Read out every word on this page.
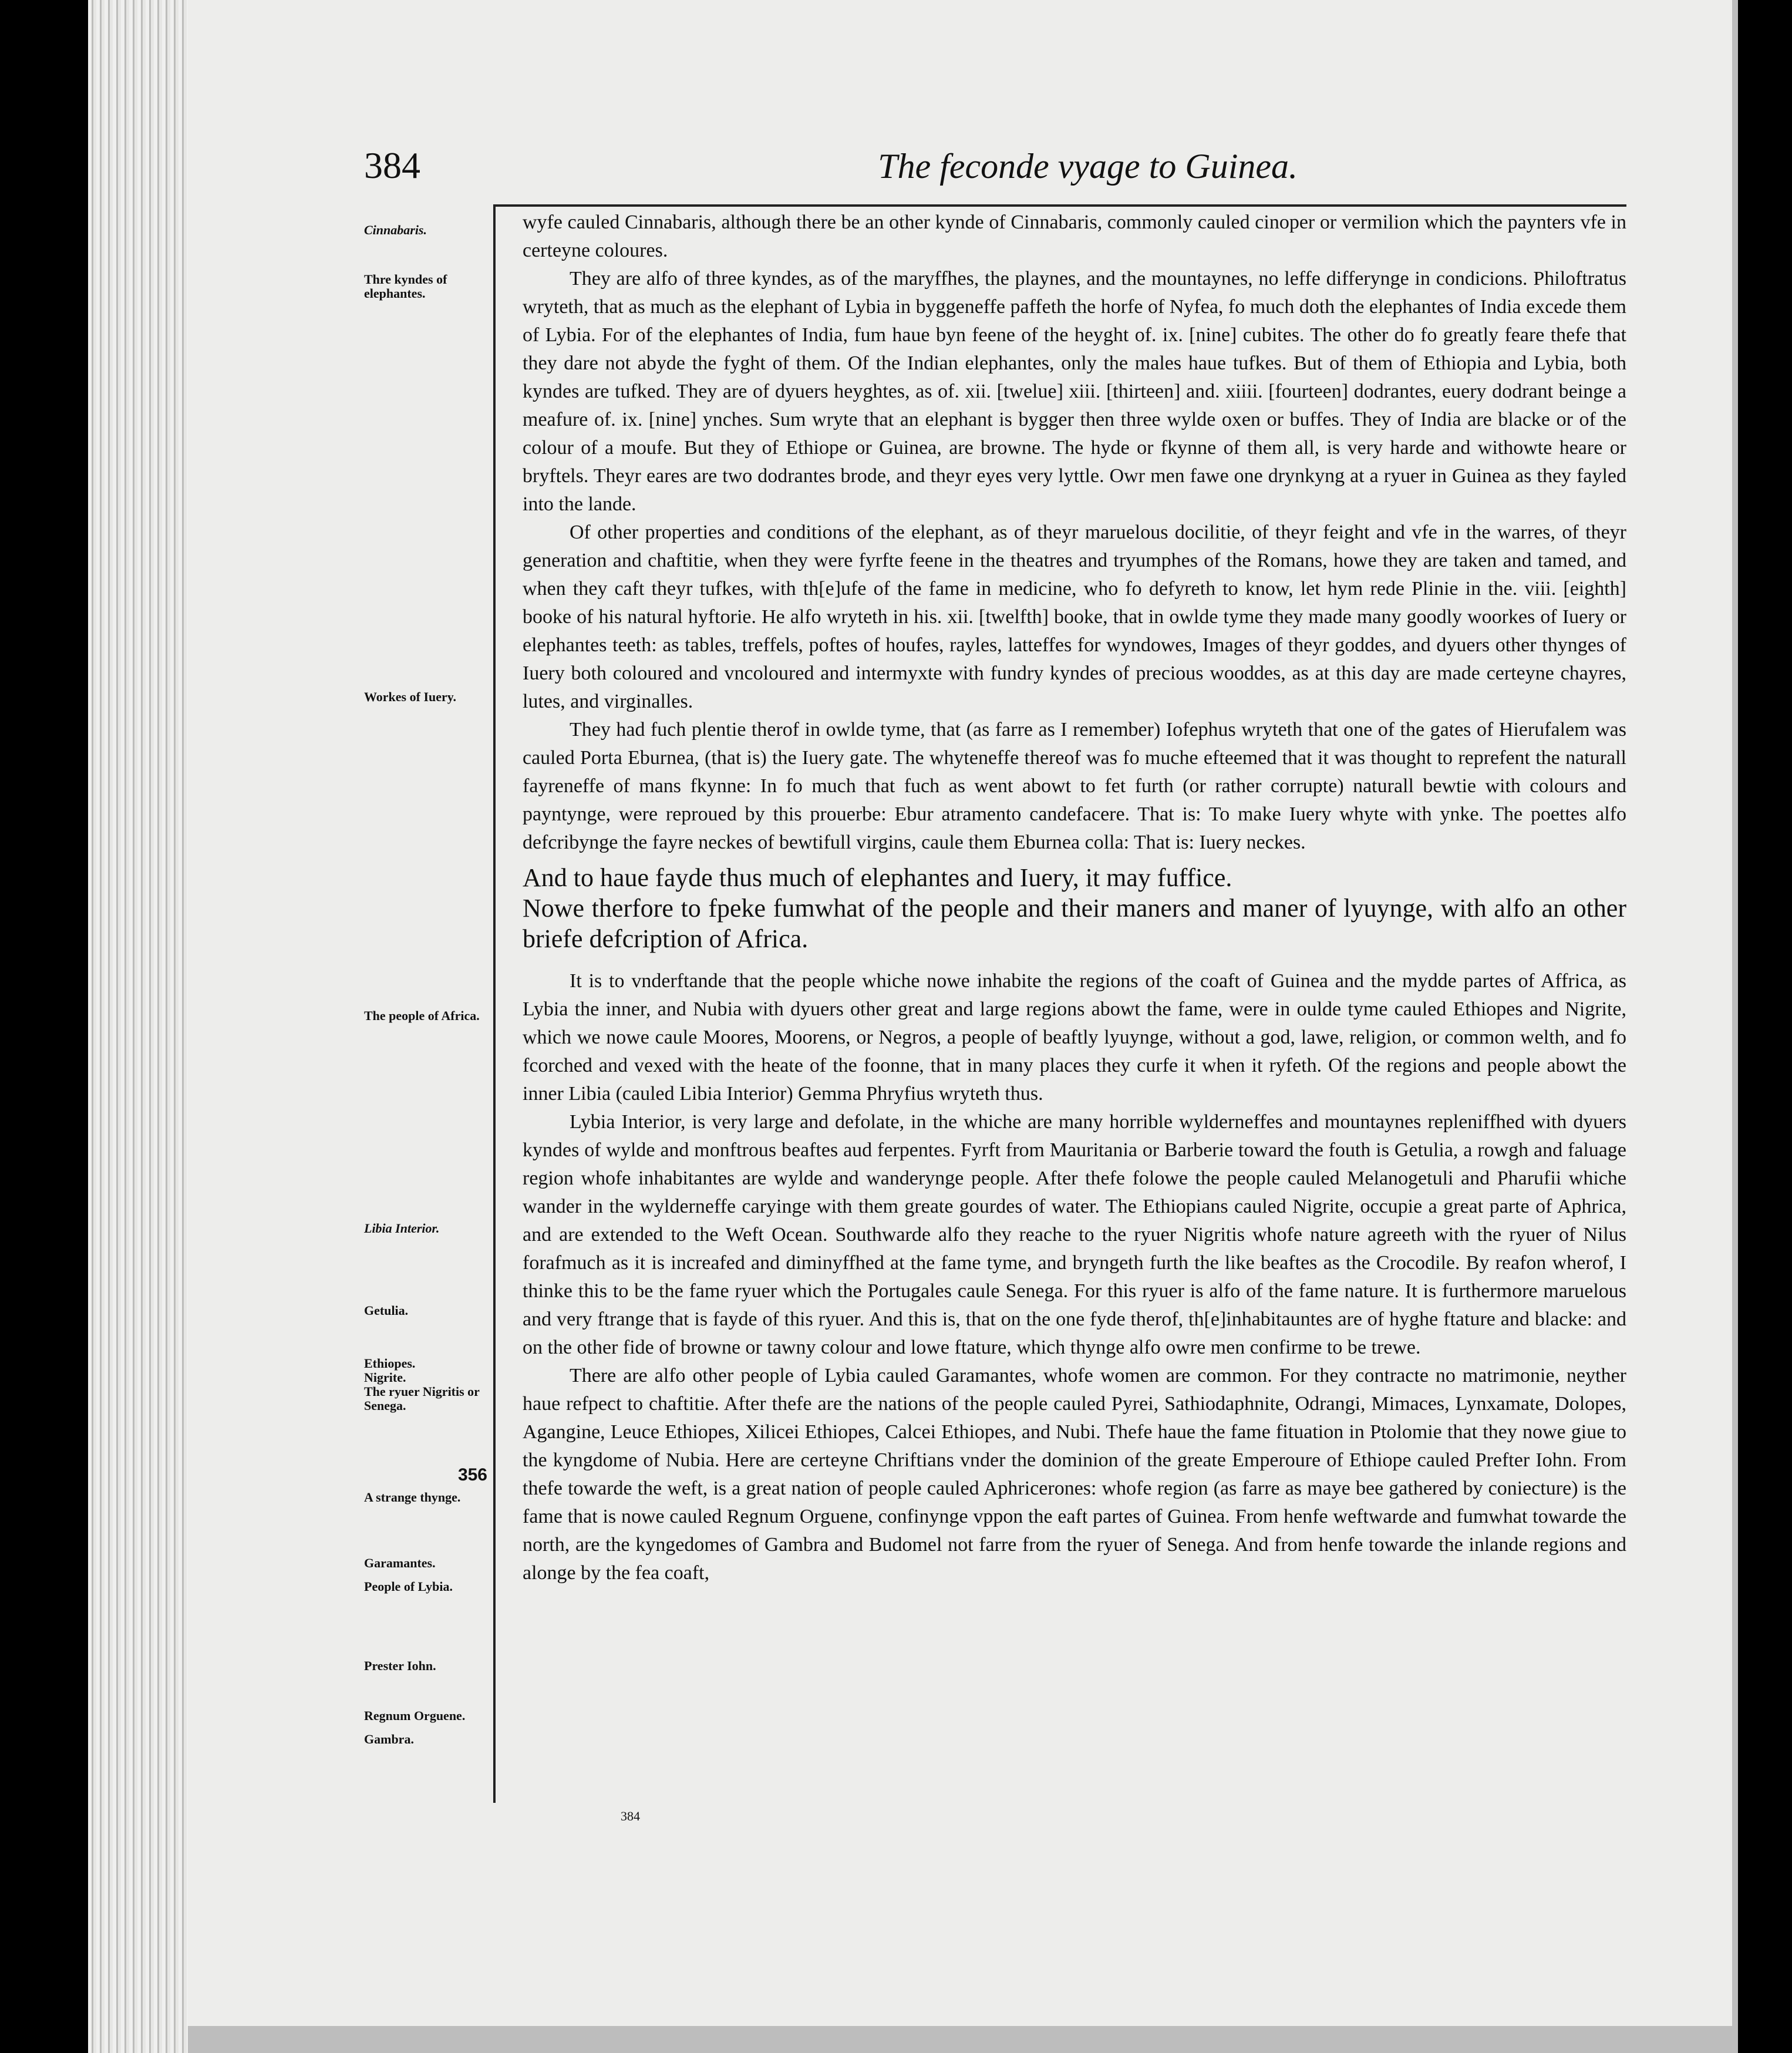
384	The feconde vyage to Guinea.
Cinnabaris.
Thre kyndes of elephantes.
Workes of Iuery.
The people of Africa.
Libia Interior.
Getulia.
Ethiopes.
Nigrite.
The ryuer Nigritis or Senega.
356
A strange thynge.
Garamantes.
People of Lybia.
Prester Iohn.
Regnum Orguene.
Gambra.

wyfe cauled Cinnabaris, although there be an other kynde of Cinnabaris, commonly cauled cinoper or vermilion which the paynters vfe in certeyne coloures.

They are alfo of three kyndes, as of the maryffhes, the playnes, and the mountaynes, no leffe differynge in condicions. Philoftratus wryteth, that as much as the elephant of Lybia in byggeneffe paffeth the horfe of Nyfea, fo much doth the elephantes of India excede them of Lybia. For of the elephantes of India, fum haue byn feene of the heyght of. ix. [nine] cubites. The other do fo greatly feare thefe that they dare not abyde the fyght of them. Of the Indian elephantes, only the males haue tufkes. But of them of Ethiopia and Lybia, both kyndes are tufked. They are of dyuers heyghtes, as of. xii. [twelue] xiii. [thirteen] and. xiiii. [fourteen] dodrantes, euery dodrant beinge a meafure of. ix. [nine] ynches. Sum wryte that an elephant is bygger then three wylde oxen or buffes. They of India are blacke or of the colour of a moufe. But they of Ethiope or Guinea, are browne. The hyde or fkynne of them all, is very harde and withowte heare or bryftels. Theyr eares are two dodrantes brode, and theyr eyes very lyttle. Owr men fawe one drynkyng at a ryuer in Guinea as they fayled into the lande.

Of other properties and conditions of the elephant, as of theyr maruelous docilitie, of theyr feight and vfe in the warres, of theyr generation and chaftitie, when they were fyrfte feene in the theatres and tryumphes of the Romans, howe they are taken and tamed, and when they caft theyr tufkes, with th[e]ufe of the fame in medicine, who fo defyreth to know, let hym rede Plinie in the. viii. [eighth] booke of his natural hyftorie. He alfo wryteth in his. xii. [twelfth] booke, that in owlde tyme they made many goodly woorkes of Iuery or elephantes teeth: as tables, treffels, poftes of houfes, rayles, latteffes for wyndowes, Images of theyr goddes, and dyuers other thynges of Iuery both coloured and vncoloured and intermyxte with fundry kyndes of precious wooddes, as at this day are made certeyne chayres, lutes, and virginalles.

They had fuch plentie therof in owlde tyme, that (as farre as I remember) Iofephus wryteth that one of the gates of Hierufalem was cauled Porta Eburnea, (that is) the Iuery gate. The whyteneffe thereof was fo muche efteemed that it was thought to reprefent the naturall fayreneffe of mans fkynne: In fo much that fuch as went abowt to fet furth (or rather corrupte) naturall bewtie with colours and payntynge, were reproued by this prouerbe: Ebur atramento candefacere. That is: To make Iuery whyte with ynke. The poettes alfo defcribynge the fayre neckes of bewtifull virgins, caule them Eburnea colla: That is: Iuery neckes.

And to haue fayde thus much of elephantes and Iuery, it may fuffice.

Nowe therfore to fpeke fumwhat of the people and their maners and maner of lyuynge, with alfo an other briefe defcription of Africa.

It is to vnderftande that the people whiche nowe inhabite the regions of the coaft of Guinea and the mydde partes of Affrica, as Lybia the inner, and Nubia with dyuers other great and large regions abowt the fame, were in oulde tyme cauled Ethiopes and Nigrite, which we nowe caule Moores, Moorens, or Negros, a people of beaftly lyuynge, without a god, lawe, religion, or common welth, and fo fcorched and vexed with the heate of the foonne, that in many places they curfe it when it ryfeth. Of the regions and people abowt the inner Libia (cauled Libia Interior) Gemma Phryfius wryteth thus.

Lybia Interior, is very large and defolate, in the whiche are many horrible wylderneffes and mountaynes repleniffhed with dyuers kyndes of wylde and monftrous beaftes aud ferpentes. Fyrft from Mauritania or Barberie toward the fouth is Getulia, a rowgh and faluage region whofe inhabitantes are wylde and wanderynge people. After thefe folowe the people cauled Melanogetuli and Pharufii whiche wander in the wylderneffe caryinge with them greate gourdes of water. The Ethiopians cauled Nigrite, occupie a great parte of Aphrica, and are extended to the Weft Ocean. Southwarde alfo they reache to the ryuer Nigritis whofe nature agreeth with the ryuer of Nilus forafmuch as it is increafed and diminyffhed at the fame tyme, and bryngeth furth the like beaftes as the Crocodile. By reafon wherof, I thinke this to be the fame ryuer which the Portugales caule Senega. For this ryuer is alfo of the fame nature. It is furthermore maruelous and very ftrange that is fayde of this ryuer. And this is, that on the one fyde therof, th[e]inhabitauntes are of hyghe ftature and blacke: and on the other fide of browne or tawny colour and lowe ftature, which thynge alfo owre men confirme to be trewe.

There are alfo other people of Lybia cauled Garamantes, whofe women are common. For they contracte no matrimonie, neyther haue refpect to chaftitie. After thefe are the nations of the people cauled Pyrei, Sathiodaphnite, Odrangi, Mimaces, Lynxamate, Dolopes, Agangine, Leuce Ethiopes, Xilicei Ethiopes, Calcei Ethiopes, and Nubi. Thefe haue the fame fituation in Ptolomie that they nowe giue to the kyngdome of Nubia. Here are certeyne Chriftians vnder the dominion of the greate Emperoure of Ethiope cauled Prefter Iohn. From thefe towarde the weft, is a great nation of people cauled Aphricerones: whofe region (as farre as maye bee gathered by coniecture) is the fame that is nowe cauled Regnum Orguene, confinynge vppon the eaft partes of Guinea. From henfe weftwarde and fumwhat towarde the north, are the kyngedomes of Gambra and Budomel not farre from the ryuer of Senega. And from henfe towarde the inlande regions and alonge by the fea coaft,

384
